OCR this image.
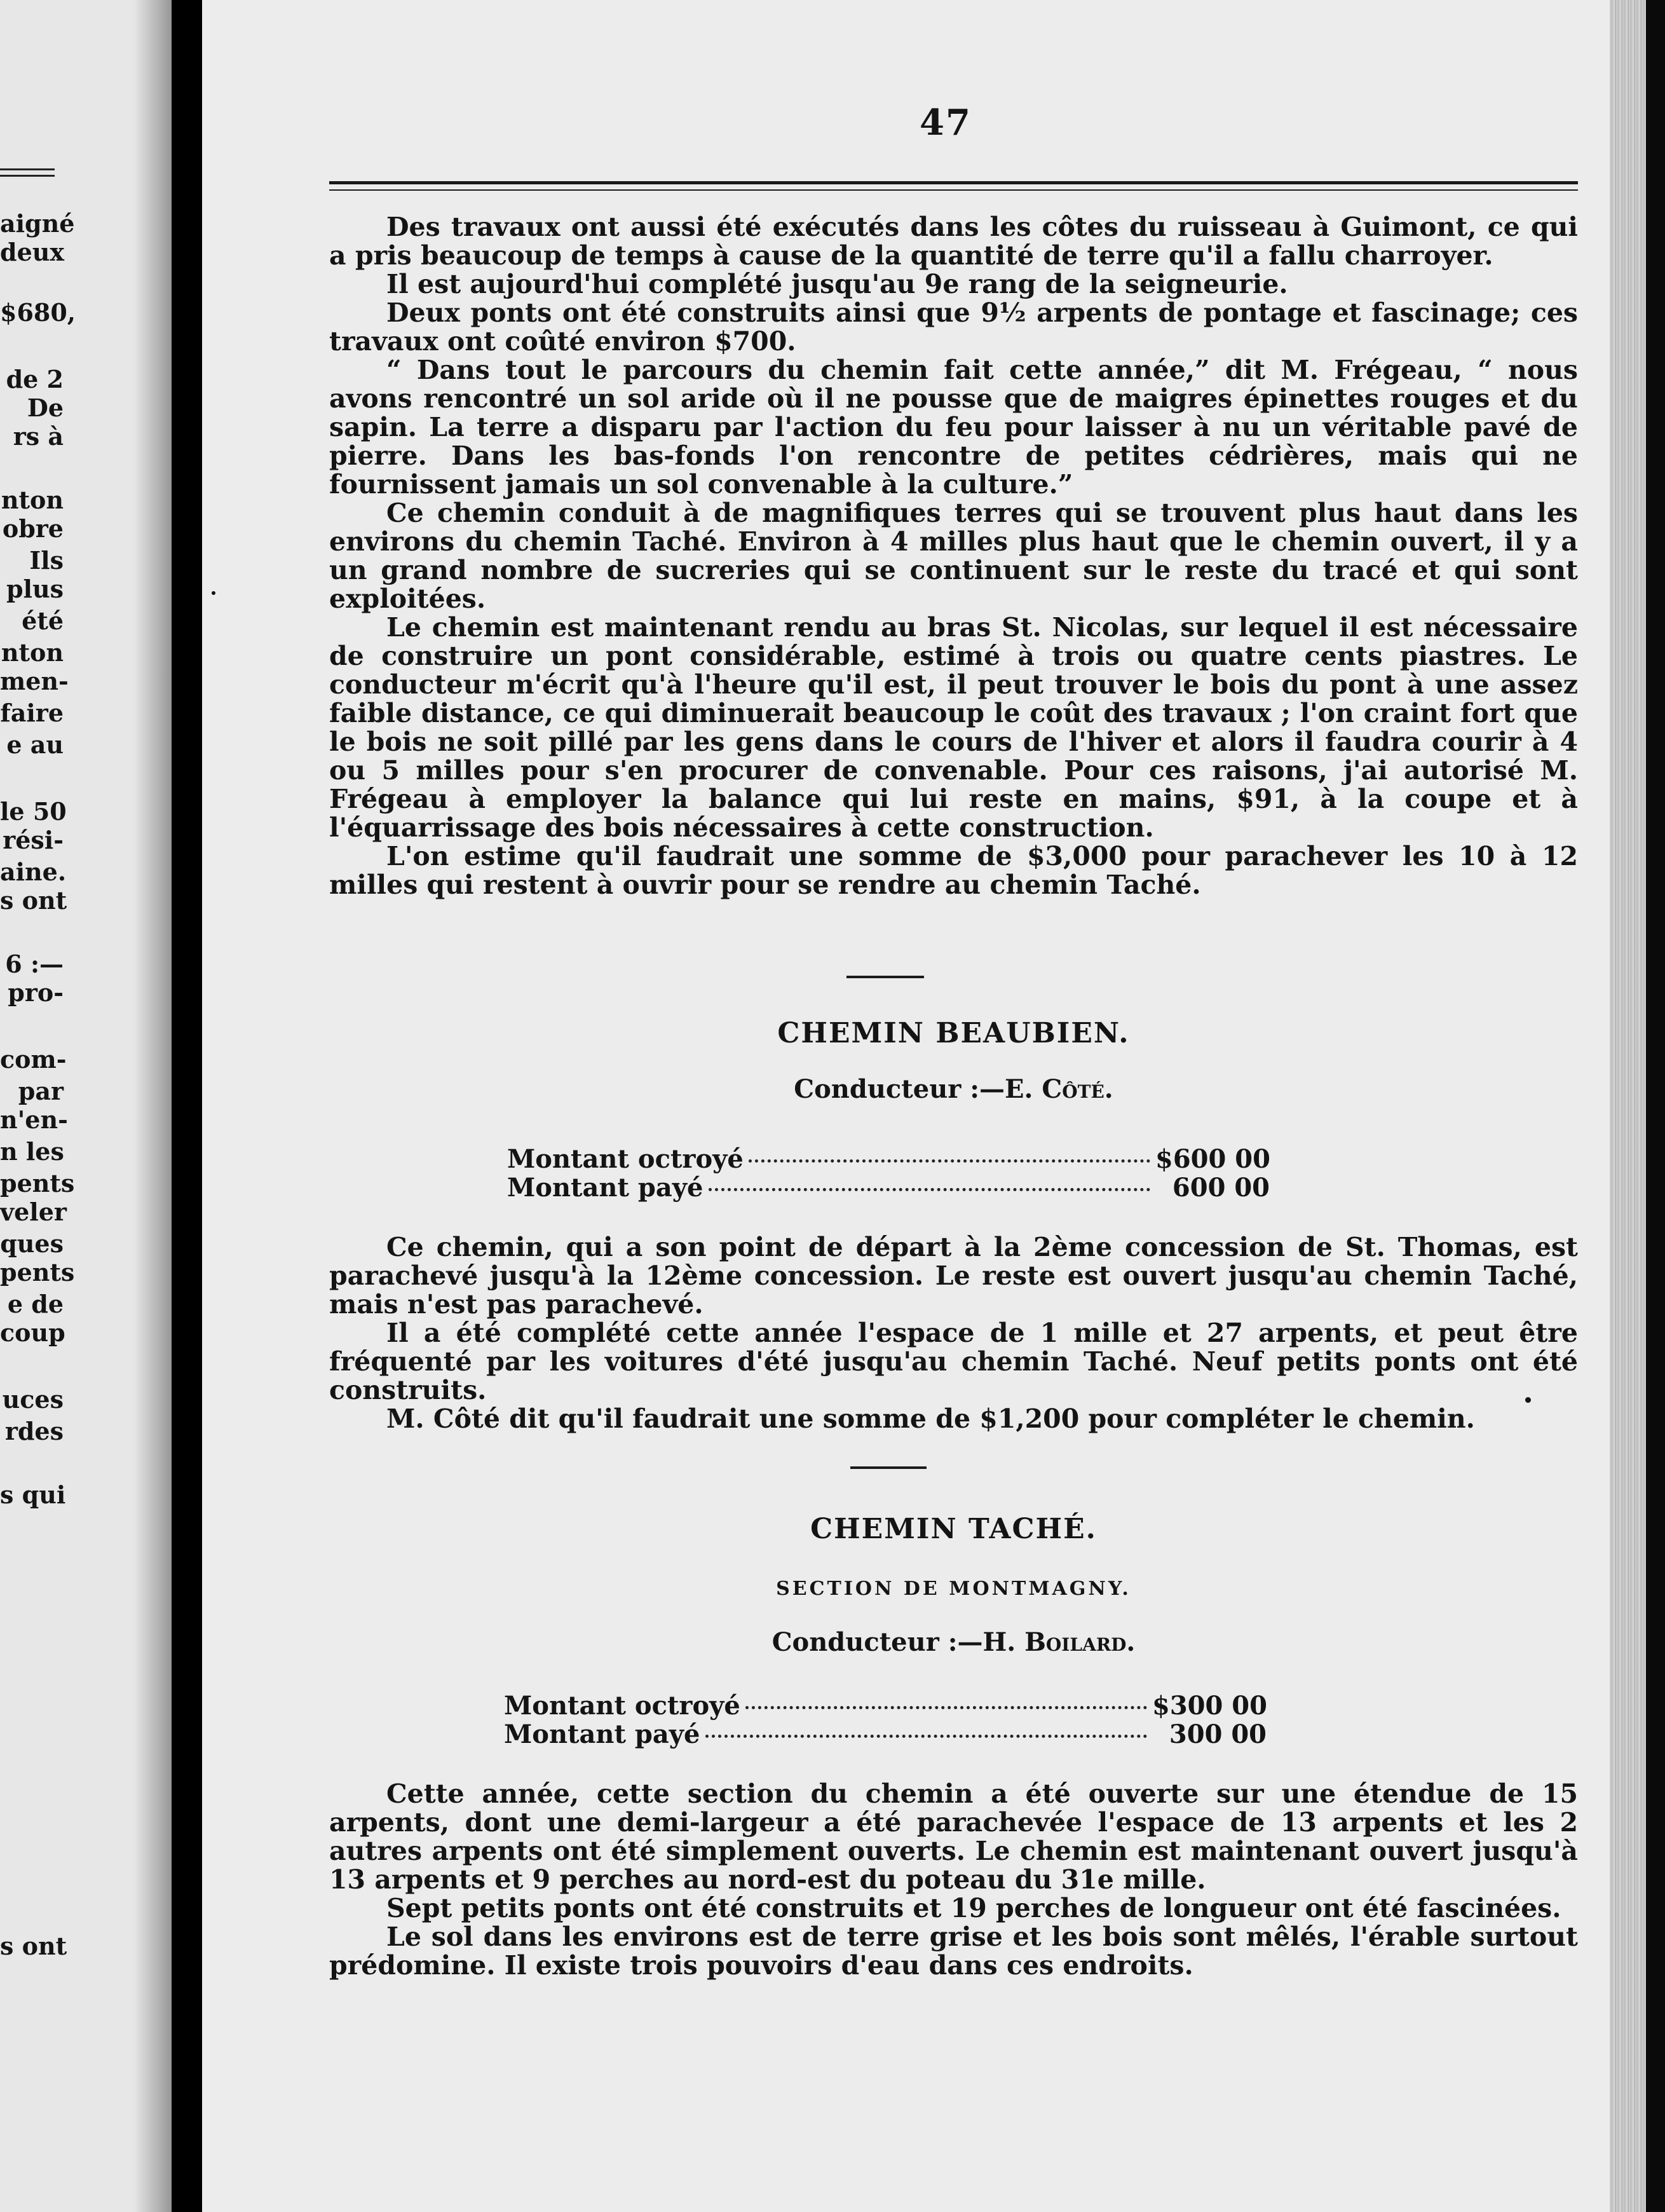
aigné
deux
$680,
de 2
De
rs à
nton
obre
Ils
plus
été
nton
men-
faire
e au
le 50
rési-
aine.
s ont
6 :—
pro-
com-
par
n'en-
n les
pents
veler
ques
pents
e de
coup
uces
rdes
s qui
s ont
47

Des travaux ont aussi été exécutés dans les côtes du ruisseau à Guimont, ce qui a pris beaucoup de temps à cause de la quantité de terre qu'il a fallu charroyer.

Il est aujourd'hui complété jusqu'au 9e rang de la seigneurie.

Deux ponts ont été construits ainsi que 9½ arpents de pontage et fascinage; ces travaux ont coûté environ $700.

“ Dans tout le parcours du chemin fait cette année,” dit M. Frégeau, “ nous avons rencontré un sol aride où il ne pousse que de maigres épinettes rouges et du sapin. La terre a disparu par l'action du feu pour laisser à nu un véritable pavé de pierre. Dans les bas-fonds l'on rencontre de petites cédrières, mais qui ne fournissent jamais un sol convenable à la culture.”

Ce chemin conduit à de magnifiques terres qui se trouvent plus haut dans les environs du chemin Taché. Environ à 4 milles plus haut que le chemin ouvert, il y a un grand nombre de sucreries qui se continuent sur le reste du tracé et qui sont exploitées.

Le chemin est maintenant rendu au bras St. Nicolas, sur lequel il est nécessaire de construire un pont considérable, estimé à trois ou quatre cents piastres. Le conducteur m'écrit qu'à l'heure qu'il est, il peut trouver le bois du pont à une assez faible distance, ce qui diminuerait beaucoup le coût des travaux ; l'on craint fort que le bois ne soit pillé par les gens dans le cours de l'hiver et alors il faudra courir à 4 ou 5 milles pour s'en procurer de convenable. Pour ces raisons, j'ai autorisé M. Frégeau à employer la balance qui lui reste en mains, $91, à la coupe et à l'équarrissage des bois nécessaires à cette construction.

L'on estime qu'il faudrait une somme de $3,000 pour parachever les 10 à 12 milles qui restent à ouvrir pour se rendre au chemin Taché.

CHEMIN BEAUBIEN.
Conducteur :—E. Côté.
Montant octroyé	$600 00
Montant payé	600 00

Ce chemin, qui a son point de départ à la 2ème concession de St. Thomas, est parachevé jusqu'à la 12ème concession. Le reste est ouvert jusqu'au chemin Taché, mais n'est pas parachevé.

Il a été complété cette année l'espace de 1 mille et 27 arpents, et peut être fréquenté par les voitures d'été jusqu'au chemin Taché. Neuf petits ponts ont été construits.

M. Côté dit qu'il faudrait une somme de $1,200 pour compléter le chemin.

CHEMIN TACHÉ.
SECTION DE MONTMAGNY.
Conducteur :—H. Boilard.
Montant octroyé	$300 00
Montant payé	300 00

Cette année, cette section du chemin a été ouverte sur une étendue de 15 arpents, dont une demi-largeur a été parachevée l'espace de 13 arpents et les 2 autres arpents ont été simplement ouverts. Le chemin est maintenant ouvert jusqu'à 13 arpents et 9 perches au nord-est du poteau du 31e mille.

Sept petits ponts ont été construits et 19 perches de longueur ont été fascinées.

Le sol dans les environs est de terre grise et les bois sont mêlés, l'érable surtout prédomine. Il existe trois pouvoirs d'eau dans ces endroits.
